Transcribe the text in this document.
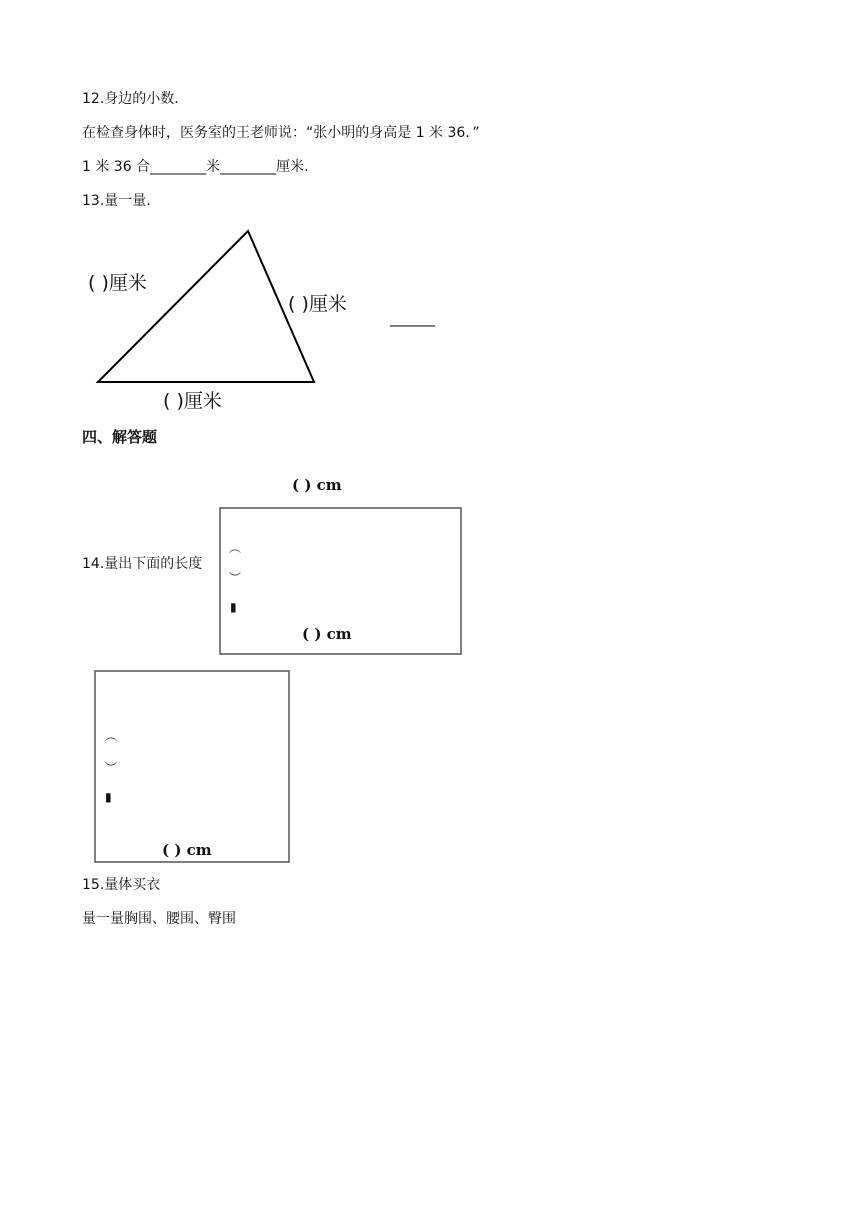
12.身边的小数.
在检查身体时，医务室的王老师说：“张小明的身高是 1 米 36．”
1 米 36 合________米________厘米.
13.量一量.
( )厘米
( )厘米
( )厘米
______
四、解答题
14.量出下面的长度
( ) cm
︵
︶
▮
( ) cm
︵
︶
▮
( ) cm
15.量体买衣
量一量胸围、腰围、臀围
